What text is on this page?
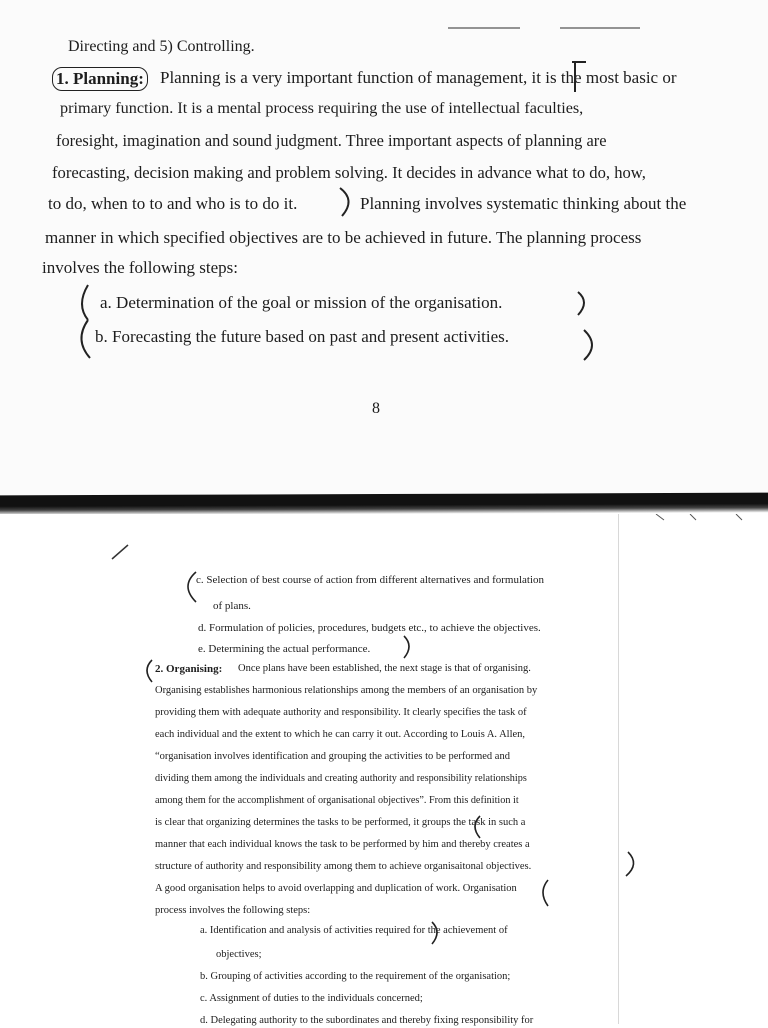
Directing and 5) Controlling.
1. Planning: Planning is a very important function of management, it is the most basic or
primary function. It is a mental process requiring the use of intellectual faculties,
foresight, imagination and sound judgment. Three important aspects of planning are
forecasting, decision making and problem solving. It decides in advance what to do, how,
to do, when to to and who is to do it.	Planning involves systematic thinking about the
manner in which specified objectives are to be achieved in future. The planning process
involves the following steps:
a. Determination of the goal or mission of the organisation.
b. Forecasting the future based on past and present activities.
8
c. Selection of best course of action from different alternatives and formulation
of plans.
d. Formulation of policies, procedures, budgets etc., to achieve the objectives.
e. Determining the actual performance.
2. Organising: Once plans have been established, the next stage is that of organising.
Organising establishes harmonious relationships among the members of an organisation by
providing them with adequate authority and responsibility. It clearly specifies the task of
each individual and the extent to which he can carry it out. According to Louis A. Allen,
“organisation involves identification and grouping the activities to be performed and
dividing them among the individuals and creating authority and responsibility relationships
among them for the accomplishment of organisational objectives”. From this definition it
is clear that organizing determines the tasks to be performed, it groups the task in such a
manner that each individual knows the task to be performed by him and thereby creates a
structure of authority and responsibility among them to achieve organisaitonal objectives.
A good organisation helps to avoid overlapping and duplication of work. Organisation
process involves the following steps:
a. Identification and analysis of activities required for the achievement of
objectives;
b. Grouping of activities according to the requirement of the organisation;
c. Assignment of duties to the individuals concerned;
d. Delegating authority to the subordinates and thereby fixing responsibility for
